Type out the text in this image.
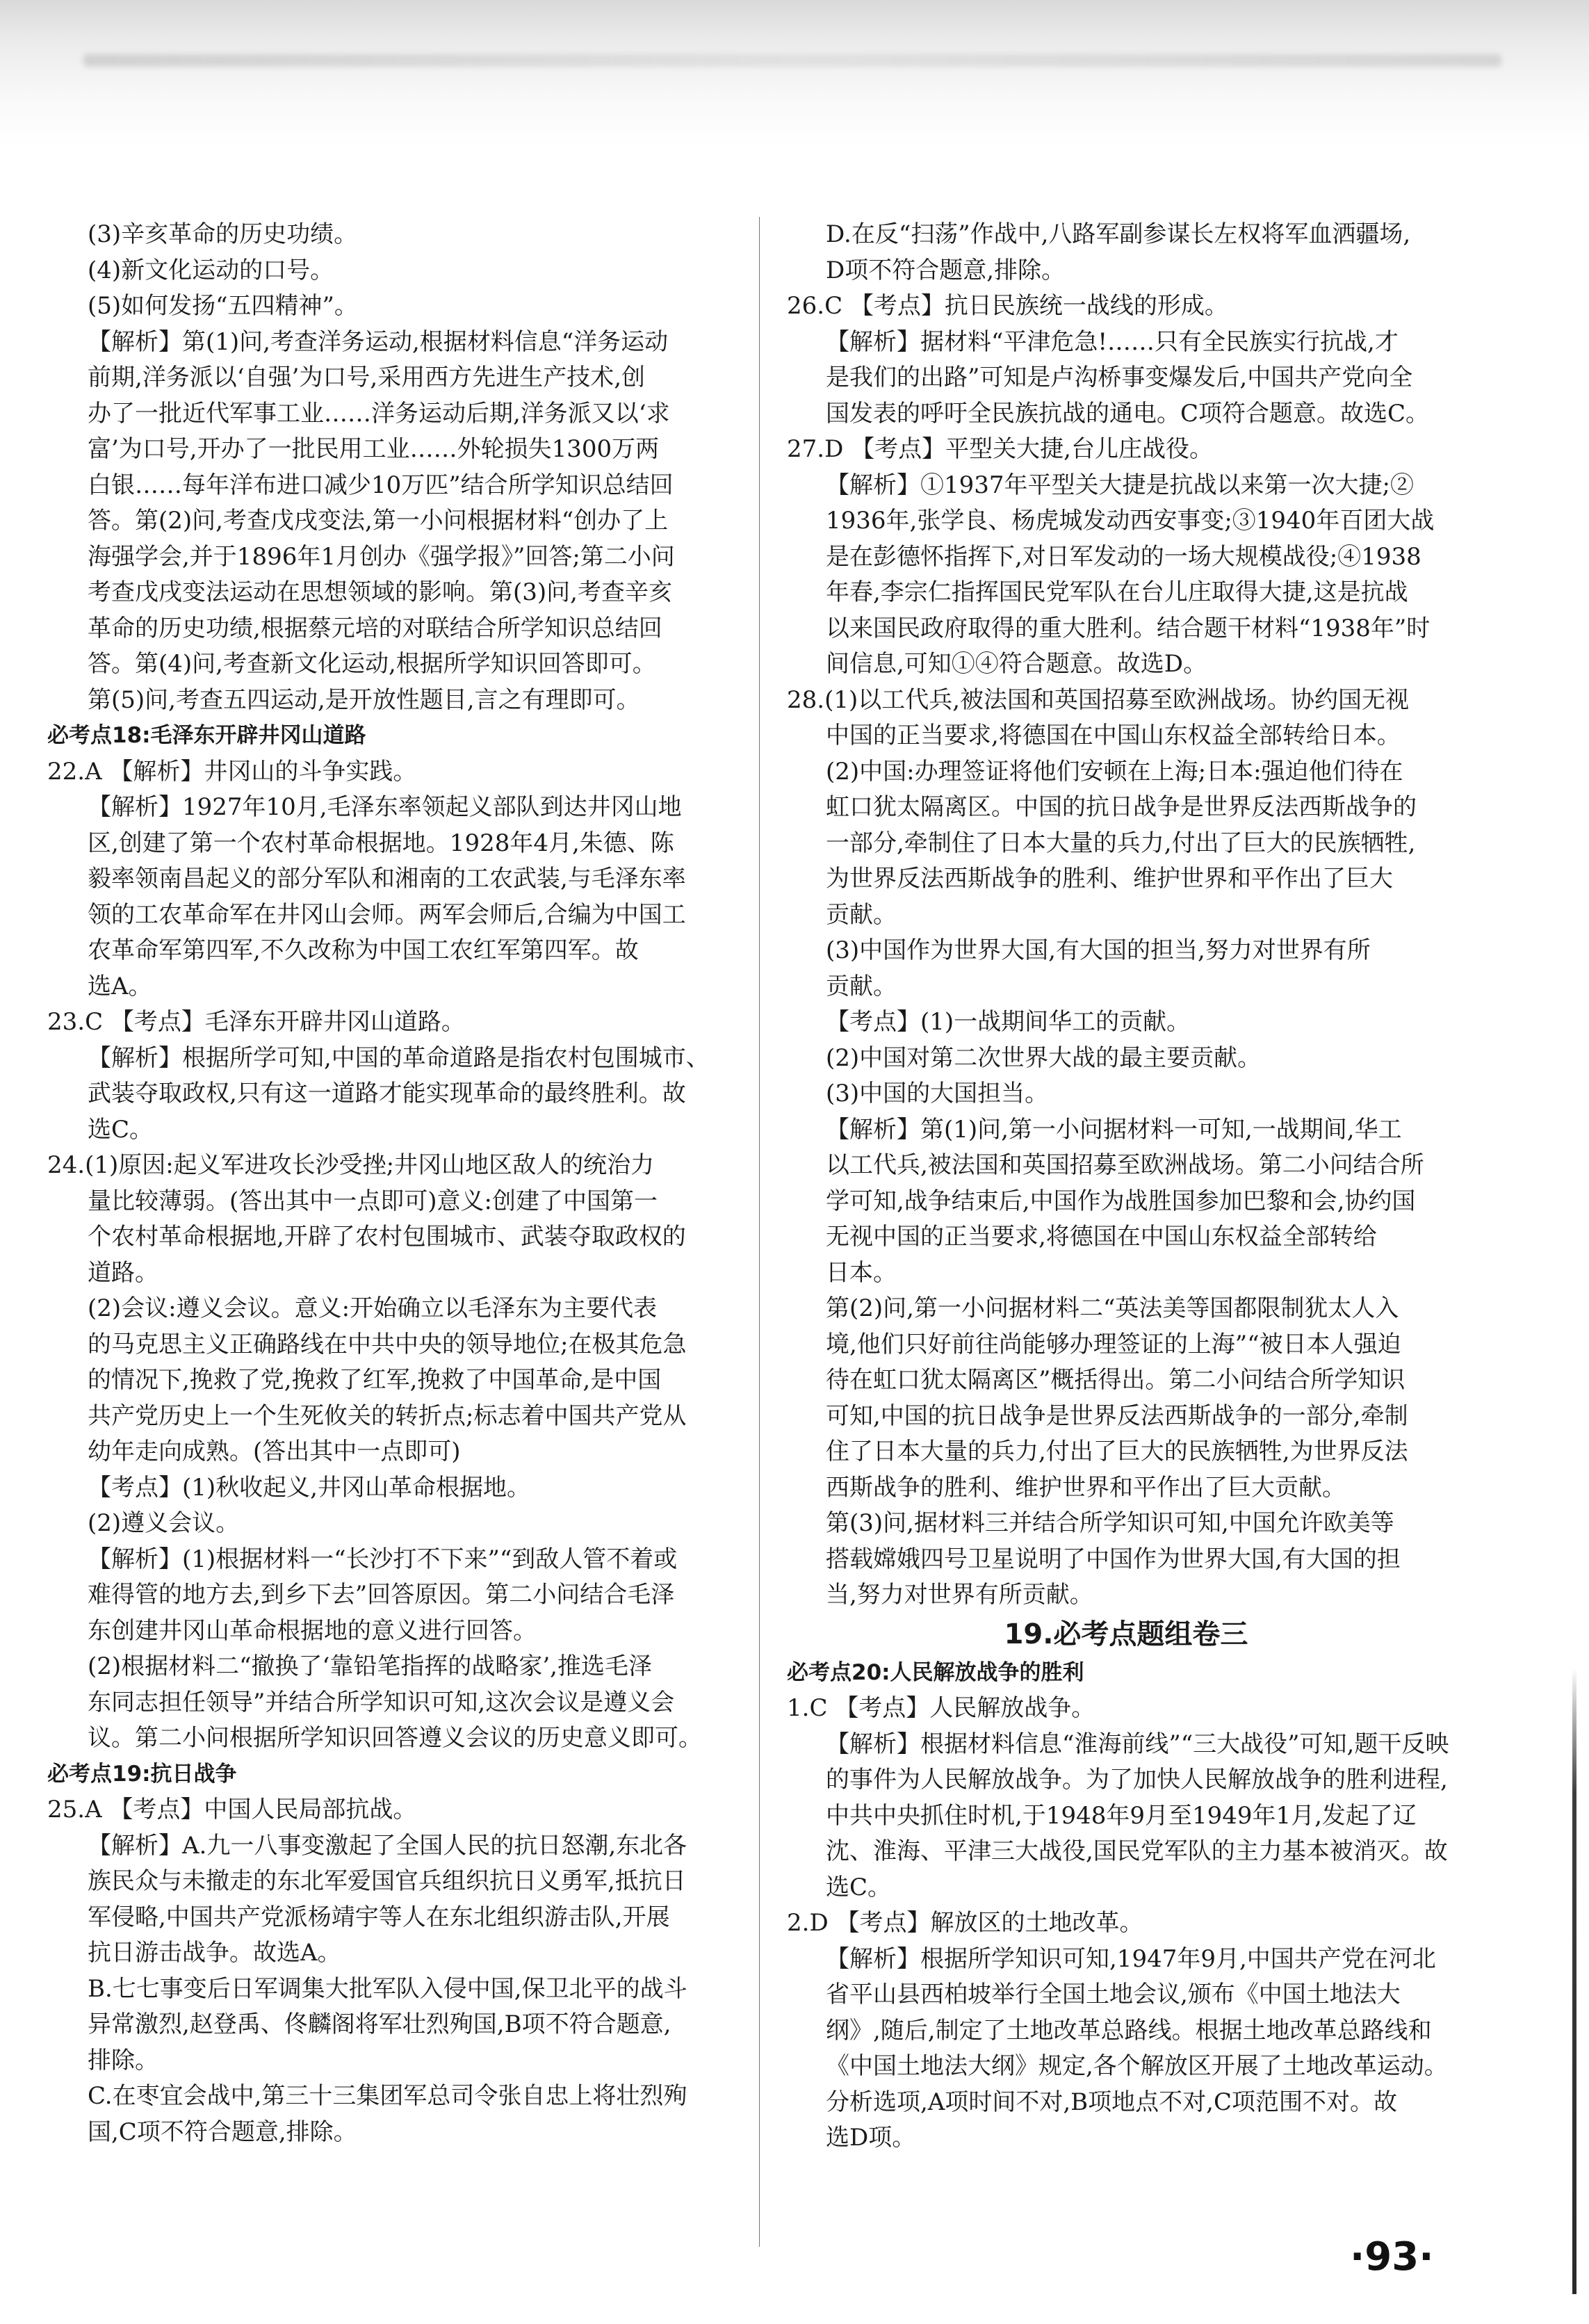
(3)辛亥革命的历史功绩。

(4)新文化运动的口号。

(5)如何发扬“五四精神”。

【解析】第(1)问,考查洋务运动,根据材料信息“洋务运动

前期,洋务派以‘自强’为口号,采用西方先进生产技术,创

办了一批近代军事工业……洋务运动后期,洋务派又以‘求

富’为口号,开办了一批民用工业……外轮损失1300万两

白银……每年洋布进口减少10万匹”结合所学知识总结回

答。第(2)问,考查戊戌变法,第一小问根据材料“创办了上

海强学会,并于1896年1月创办《强学报》”回答;第二小问

考查戊戌变法运动在思想领域的影响。第(3)问,考查辛亥

革命的历史功绩,根据蔡元培的对联结合所学知识总结回

答。第(4)问,考查新文化运动,根据所学知识回答即可。

第(5)问,考查五四运动,是开放性题目,言之有理即可。

必考点18:毛泽东开辟井冈山道路

22.A 【解析】井冈山的斗争实践。

【解析】1927年10月,毛泽东率领起义部队到达井冈山地

区,创建了第一个农村革命根据地。1928年4月,朱德、陈

毅率领南昌起义的部分军队和湘南的工农武装,与毛泽东率

领的工农革命军在井冈山会师。两军会师后,合编为中国工

农革命军第四军,不久改称为中国工农红军第四军。故

选A。

23.C 【考点】毛泽东开辟井冈山道路。

【解析】根据所学可知,中国的革命道路是指农村包围城市、

武装夺取政权,只有这一道路才能实现革命的最终胜利。故

选C。

24.(1)原因:起义军进攻长沙受挫;井冈山地区敌人的统治力

量比较薄弱。(答出其中一点即可)意义:创建了中国第一

个农村革命根据地,开辟了农村包围城市、武装夺取政权的

道路。

(2)会议:遵义会议。意义:开始确立以毛泽东为主要代表

的马克思主义正确路线在中共中央的领导地位;在极其危急

的情况下,挽救了党,挽救了红军,挽救了中国革命,是中国

共产党历史上一个生死攸关的转折点;标志着中国共产党从

幼年走向成熟。(答出其中一点即可)

【考点】(1)秋收起义,井冈山革命根据地。

(2)遵义会议。

【解析】(1)根据材料一“长沙打不下来”“到敌人管不着或

难得管的地方去,到乡下去”回答原因。第二小问结合毛泽

东创建井冈山革命根据地的意义进行回答。

(2)根据材料二“撤换了‘靠铅笔指挥的战略家’,推选毛泽

东同志担任领导”并结合所学知识可知,这次会议是遵义会

议。第二小问根据所学知识回答遵义会议的历史意义即可。

必考点19:抗日战争

25.A 【考点】中国人民局部抗战。

【解析】A.九一八事变激起了全国人民的抗日怒潮,东北各

族民众与未撤走的东北军爱国官兵组织抗日义勇军,抵抗日

军侵略,中国共产党派杨靖宇等人在东北组织游击队,开展

抗日游击战争。故选A。

B.七七事变后日军调集大批军队入侵中国,保卫北平的战斗

异常激烈,赵登禹、佟麟阁将军壮烈殉国,B项不符合题意,

排除。

C.在枣宜会战中,第三十三集团军总司令张自忠上将壮烈殉

国,C项不符合题意,排除。

D.在反“扫荡”作战中,八路军副参谋长左权将军血洒疆场,

D项不符合题意,排除。

26.C 【考点】抗日民族统一战线的形成。

【解析】据材料“平津危急!……只有全民族实行抗战,才

是我们的出路”可知是卢沟桥事变爆发后,中国共产党向全

国发表的呼吁全民族抗战的通电。C项符合题意。故选C。

27.D 【考点】平型关大捷,台儿庄战役。

【解析】①1937年平型关大捷是抗战以来第一次大捷;②

1936年,张学良、杨虎城发动西安事变;③1940年百团大战

是在彭德怀指挥下,对日军发动的一场大规模战役;④1938

年春,李宗仁指挥国民党军队在台儿庄取得大捷,这是抗战

以来国民政府取得的重大胜利。结合题干材料“1938年”时

间信息,可知①④符合题意。故选D。

28.(1)以工代兵,被法国和英国招募至欧洲战场。协约国无视

中国的正当要求,将德国在中国山东权益全部转给日本。

(2)中国:办理签证将他们安顿在上海;日本:强迫他们待在

虹口犹太隔离区。中国的抗日战争是世界反法西斯战争的

一部分,牵制住了日本大量的兵力,付出了巨大的民族牺牲,

为世界反法西斯战争的胜利、维护世界和平作出了巨大

贡献。

(3)中国作为世界大国,有大国的担当,努力对世界有所

贡献。

【考点】(1)一战期间华工的贡献。

(2)中国对第二次世界大战的最主要贡献。

(3)中国的大国担当。

【解析】第(1)问,第一小问据材料一可知,一战期间,华工

以工代兵,被法国和英国招募至欧洲战场。第二小问结合所

学可知,战争结束后,中国作为战胜国参加巴黎和会,协约国

无视中国的正当要求,将德国在中国山东权益全部转给

日本。

第(2)问,第一小问据材料二“英法美等国都限制犹太人入

境,他们只好前往尚能够办理签证的上海”“被日本人强迫

待在虹口犹太隔离区”概括得出。第二小问结合所学知识

可知,中国的抗日战争是世界反法西斯战争的一部分,牵制

住了日本大量的兵力,付出了巨大的民族牺牲,为世界反法

西斯战争的胜利、维护世界和平作出了巨大贡献。

第(3)问,据材料三并结合所学知识可知,中国允许欧美等

搭载嫦娥四号卫星说明了中国作为世界大国,有大国的担

当,努力对世界有所贡献。

19.必考点题组卷三

必考点20:人民解放战争的胜利

1.C 【考点】人民解放战争。

【解析】根据材料信息“淮海前线”“三大战役”可知,题干反映

的事件为人民解放战争。为了加快人民解放战争的胜利进程,

中共中央抓住时机,于1948年9月至1949年1月,发起了辽

沈、淮海、平津三大战役,国民党军队的主力基本被消灭。故

选C。

2.D 【考点】解放区的土地改革。

【解析】根据所学知识可知,1947年9月,中国共产党在河北

省平山县西柏坡举行全国土地会议,颁布《中国土地法大

纲》,随后,制定了土地改革总路线。根据土地改革总路线和

《中国土地法大纲》规定,各个解放区开展了土地改革运动。

分析选项,A项时间不对,B项地点不对,C项范围不对。故

选D项。

·93·
